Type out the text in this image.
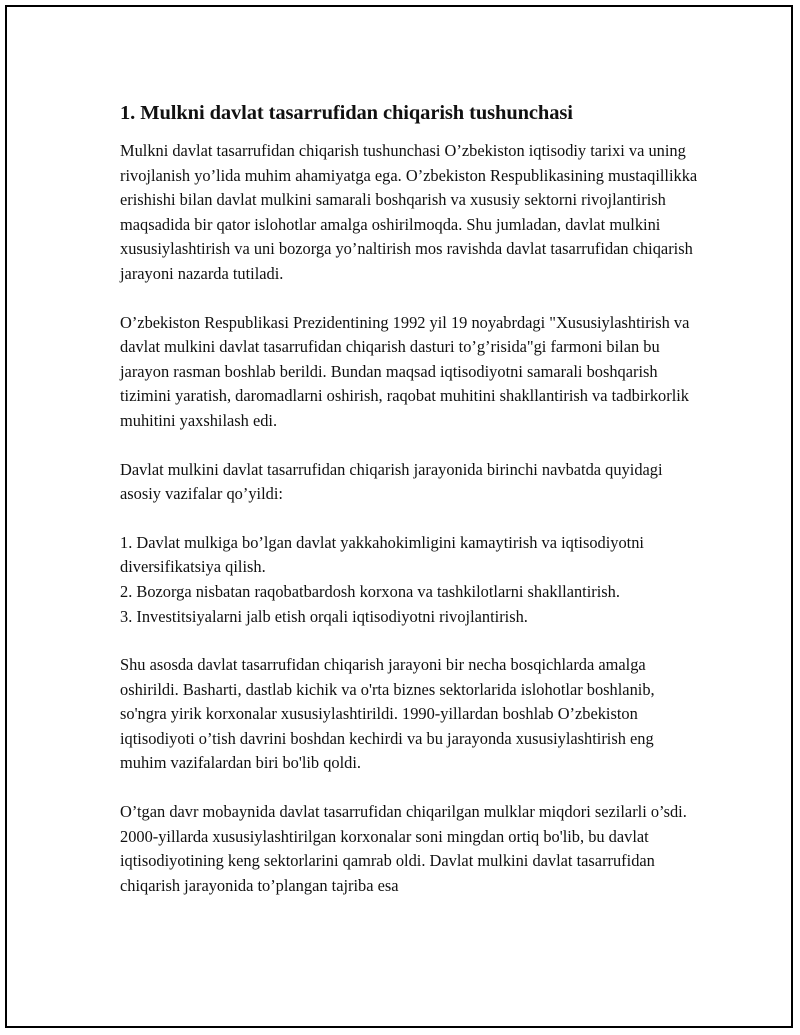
1. Mulkni davlat tasarrufidan chiqarish tushunchasi

Mulkni davlat tasarrufidan chiqarish tushunchasi O’zbekiston iqtisodiy tarixi va uning rivojlanish yo’lida muhim ahamiyatga ega. O’zbekiston Respublikasining mustaqillikka erishishi bilan davlat mulkini samarali boshqarish va xususiy sektorni rivojlantirish maqsadida bir qator islohotlar amalga oshirilmoqda. Shu jumladan, davlat mulkini xususiylashtirish va uni bozorga yo’naltirish mos ravishda davlat tasarrufidan chiqarish jarayoni nazarda tutiladi.

O’zbekiston Respublikasi Prezidentining 1992 yil 19 noyabrdagi "Xususiylashtirish va davlat mulkini davlat tasarrufidan chiqarish dasturi to’g’risida"gi farmoni bilan bu jarayon rasman boshlab berildi. Bundan maqsad iqtisodiyotni samarali boshqarish tizimini yaratish, daromadlarni oshirish, raqobat muhitini shakllantirish va tadbirkorlik muhitini yaxshilash edi.

Davlat mulkini davlat tasarrufidan chiqarish jarayonida birinchi navbatda quyidagi asosiy vazifalar qo’yildi:

1. Davlat mulkiga bo’lgan davlat yakkahokimligini kamaytirish va iqtisodiyotni diversifikatsiya qilish.
2. Bozorga nisbatan raqobatbardosh korxona va tashkilotlarni shakllantirish.
3. Investitsiyalarni jalb etish orqali iqtisodiyotni rivojlantirish.

Shu asosda davlat tasarrufidan chiqarish jarayoni bir necha bosqichlarda amalga oshirildi. Basharti, dastlab kichik va o'rta biznes sektorlarida islohotlar boshlanib, so'ngra yirik korxonalar xususiylashtirildi. 1990-yillardan boshlab O’zbekiston iqtisodiyoti o’tish davrini boshdan kechirdi va bu jarayonda xususiylashtirish eng muhim vazifalardan biri bo'lib qoldi.

O’tgan davr mobaynida davlat tasarrufidan chiqarilgan mulklar miqdori sezilarli o’sdi. 2000-yillarda xususiylashtirilgan korxonalar soni mingdan ortiq bo'lib, bu davlat iqtisodiyotining keng sektorlarini qamrab oldi. Davlat mulkini davlat tasarrufidan chiqarish jarayonida to’plangan tajriba esa
